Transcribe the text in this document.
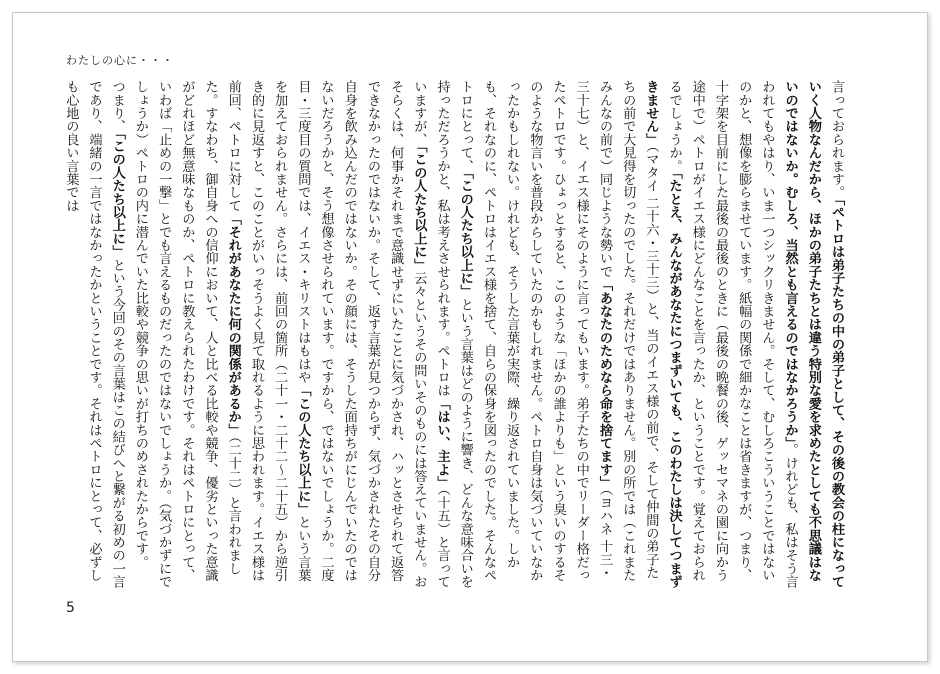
わたしの心に・・・

言っておられます。「ペトロは弟子たちの中の弟子として、その後の教会の柱になっていく人物なんだから、ほかの弟子たちとは違う特別な愛を求めたとしても不思議はないのではないか。むしろ、当然とも言えるのではなかろうか」。けれども、私はそう言われてもやはり、いま一つシックリきません。そして、むしろこういうことではないのかと、想像を膨らませています。紙幅の関係で細かなことは省きますが、つまり、十字架を目前にした最後の最後のときに（最後の晩餐の後、ゲッセマネの園に向かう途中で）ペトロがイエス様にどんなことを言ったか、ということです。覚えておられるでしょうか。「たとえ、みんながあなたにつまずいても、このわたしは決してつまずきません」（マタイ 二十六・三十三）と、当のイエス様の前で、そして仲間の弟子たちの前で大見得を切ったのでした。それだけではありません。別の所では（これまたみんなの前で）同じような勢いで「あなたのためなら命を捨てます」（ヨハネ 十三・三十七）と、イエス様にそのように言ってもいます。弟子たちの中でリーダー格だったペトロです。ひょっとすると、このような「ほかの誰よりも」という臭いのするそのような物言いを普段からしていたのかもしれません。ペトロ自身は気づいていなかったかもしれない。けれども、そうした言葉が実際、繰り返されていました。しかも、それなのに、ペトロはイエス様を捨て、自らの保身を図ったのでした。そんなペトロにとって、「この人たち以上に」という言葉はどのように響き、どんな意味合いを持っただろうかと、私は考えさせられます。ペトロは「はい、主よ」（十五）と言っていますが、「この人たち以上に」云々というその問いそのものには答えていません。おそらくは、何事かそれまで意識せずにいたことに気づかされ、ハッとさせられて返答できなかったのではないか。そして、返す言葉が見つからず、気づかされたその自分自身を飲み込んだのではないか。その顔には、そうした面持ちがにじんでいたのではないだろうかと、そう想像させられています。ですから、ではないでしょうか。二度目・三度目の質問では、イエス・キリストはもはや「この人たち以上に」という言葉を加えておられません。さらには、前回の箇所（二十一・二十二～二十五）から逆引き的に見返すと、このことがいっそうよく見て取れるように思われます。イエス様は前回、ペトロに対して「それがあなたに何の関係があるか」（二十二）と言われました。すなわち、御自身への信仰において、人と比べる比較や競争、優劣といった意識がどれほど無意味なものか、ペトロに教えられたわけです。それはペトロにとって、いわば「止めの一撃」とでも言えるものだったのではないでしょうか。（気づかずにでしょうか）ペトロの内に潜んでいた比較や競争の思いが打ちのめされたからです。

つまり、「この人たち以上に」という今回のその言葉はこの結びへと繋がる初めの一言であり、端緒の一言ではなかったかということです。それはペトロにとって、必ずしも心地の良い言葉では

5
